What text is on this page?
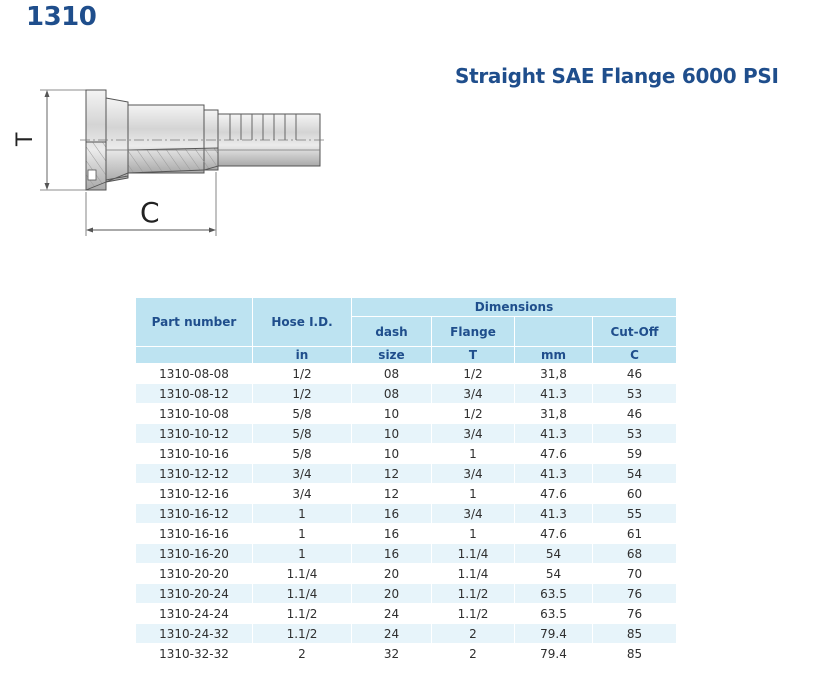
1310
Straight SAE Flange 6000 PSI
T
C
Part number	Hose I.D.	Dimensions			
		dash	Flange		Cut-Off
	in	size	T	mm	C
1310-08-08	1/2	08	1/2	31,8	46
1310-08-12	1/2	08	3/4	41.3	53
1310-10-08	5/8	10	1/2	31,8	46
1310-10-12	5/8	10	3/4	41.3	53
1310-10-16	5/8	10	1	47.6	59
1310-12-12	3/4	12	3/4	41.3	54
1310-12-16	3/4	12	1	47.6	60
1310-16-12	1	16	3/4	41.3	55
1310-16-16	1	16	1	47.6	61
1310-16-20	1	16	1.1/4	54	68
1310-20-20	1.1/4	20	1.1/4	54	70
1310-20-24	1.1/4	20	1.1/2	63.5	76
1310-24-24	1.1/2	24	1.1/2	63.5	76
1310-24-32	1.1/2	24	2	79.4	85
1310-32-32	2	32	2	79.4	85
